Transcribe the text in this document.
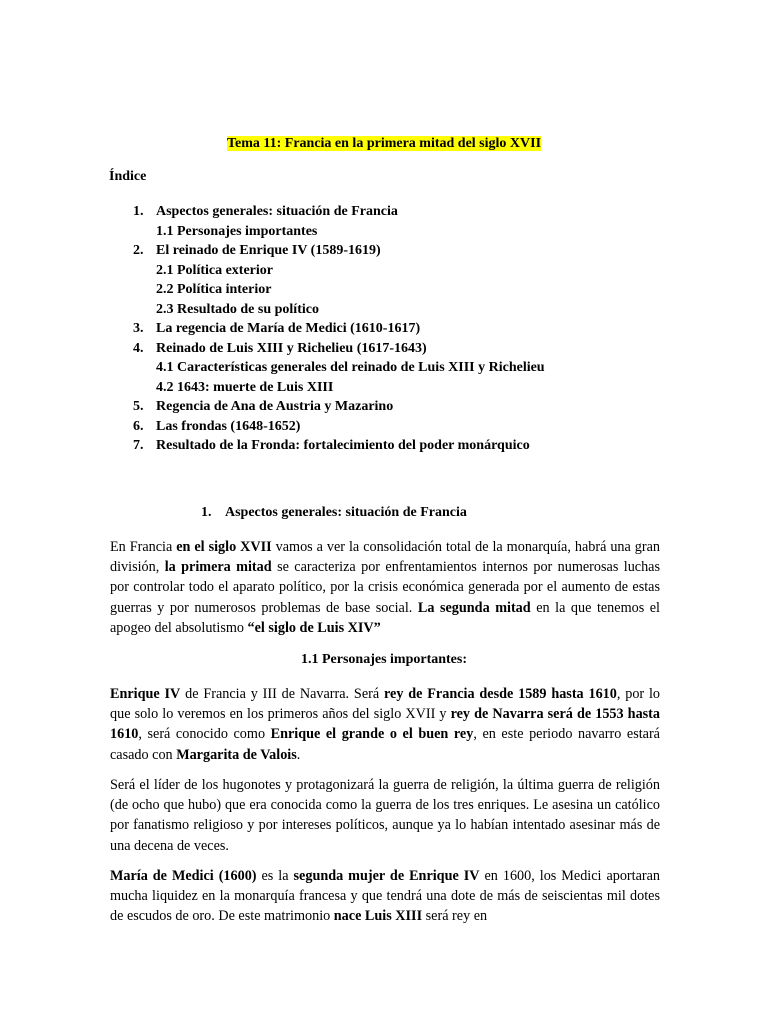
Tema 11: Francia en la primera mitad del siglo XVII
Índice
1. Aspectos generales: situación de Francia
1.1 Personajes importantes
2. El reinado de Enrique IV (1589-1619)
2.1 Política exterior
2.2 Política interior
2.3 Resultado de su político
3. La regencia de María de Medici (1610-1617)
4. Reinado de Luis XIII y Richelieu (1617-1643)
4.1 Características generales del reinado de Luis XIII y Richelieu
4.2 1643: muerte de Luis XIII
5. Regencia de Ana de Austria y Mazarino
6. Las frondas (1648-1652)
7. Resultado de la Fronda: fortalecimiento del poder monárquico
1. Aspectos generales: situación de Francia
En Francia en el siglo XVII vamos a ver la consolidación total de la monarquía, habrá una gran división, la primera mitad se caracteriza por enfrentamientos internos por numerosas luchas por controlar todo el aparato político, por la crisis económica generada por el aumento de estas guerras y por numerosos problemas de base social. La segunda mitad en la que tenemos el apogeo del absolutismo “el siglo de Luis XIV”
1.1 Personajes importantes:
Enrique IV de Francia y III de Navarra. Será rey de Francia desde 1589 hasta 1610, por lo que solo lo veremos en los primeros años del siglo XVII y rey de Navarra será de 1553 hasta 1610, será conocido como Enrique el grande o el buen rey, en este periodo navarro estará casado con Margarita de Valois.
Será el líder de los hugonotes y protagonizará la guerra de religión, la última guerra de religión (de ocho que hubo) que era conocida como la guerra de los tres enriques. Le asesina un católico por fanatismo religioso y por intereses políticos, aunque ya lo habían intentado asesinar más de una decena de veces.
María de Medici (1600) es la segunda mujer de Enrique IV en 1600, los Medici aportaran mucha liquidez en la monarquía francesa y que tendrá una dote de más de seiscientas mil dotes de escudos de oro. De este matrimonio nace Luis XIII será rey en
